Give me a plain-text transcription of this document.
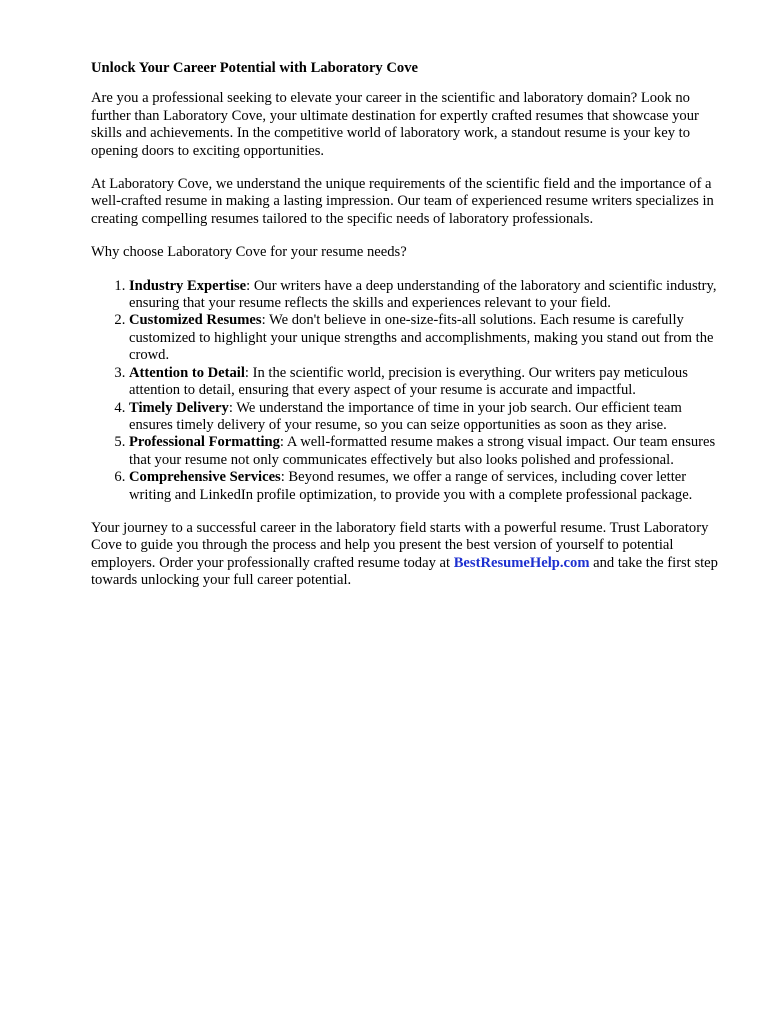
Unlock Your Career Potential with Laboratory Cove

Are you a professional seeking to elevate your career in the scientific and laboratory domain? Look no further than Laboratory Cove, your ultimate destination for expertly crafted resumes that showcase your skills and achievements. In the competitive world of laboratory work, a standout resume is your key to opening doors to exciting opportunities.

At Laboratory Cove, we understand the unique requirements of the scientific field and the importance of a well-crafted resume in making a lasting impression. Our team of experienced resume writers specializes in creating compelling resumes tailored to the specific needs of laboratory professionals.

Why choose Laboratory Cove for your resume needs?

1. Industry Expertise: Our writers have a deep understanding of the laboratory and scientific industry, ensuring that your resume reflects the skills and experiences relevant to your field.
2. Customized Resumes: We don't believe in one-size-fits-all solutions. Each resume is carefully customized to highlight your unique strengths and accomplishments, making you stand out from the crowd.
3. Attention to Detail: In the scientific world, precision is everything. Our writers pay meticulous attention to detail, ensuring that every aspect of your resume is accurate and impactful.
4. Timely Delivery: We understand the importance of time in your job search. Our efficient team ensures timely delivery of your resume, so you can seize opportunities as soon as they arise.
5. Professional Formatting: A well-formatted resume makes a strong visual impact. Our team ensures that your resume not only communicates effectively but also looks polished and professional.
6. Comprehensive Services: Beyond resumes, we offer a range of services, including cover letter writing and LinkedIn profile optimization, to provide you with a complete professional package.

Your journey to a successful career in the laboratory field starts with a powerful resume. Trust Laboratory Cove to guide you through the process and help you present the best version of yourself to potential employers. Order your professionally crafted resume today at BestResumeHelp.com and take the first step towards unlocking your full career potential.
